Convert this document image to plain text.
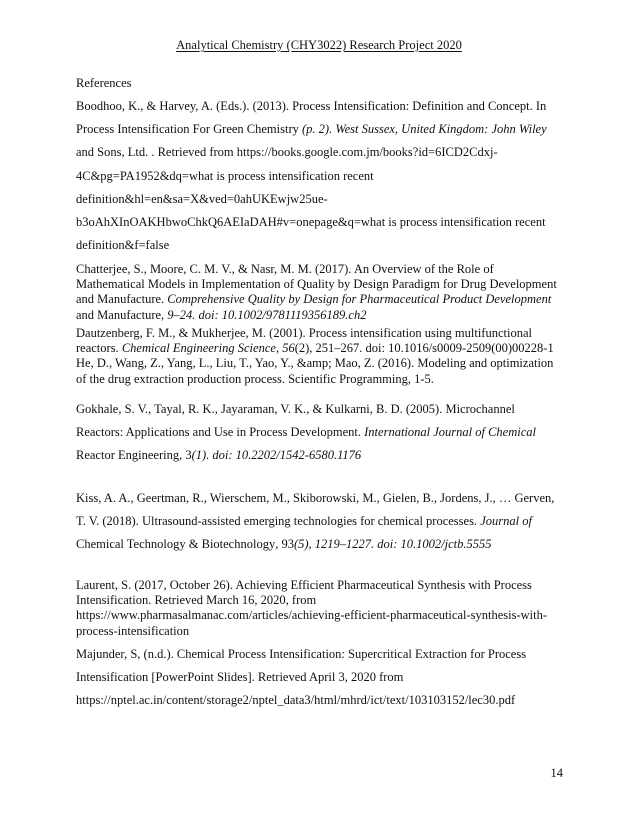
Analytical Chemistry (CHY3022) Research Project 2020
References
Boodhoo, K., & Harvey, A. (Eds.). (2013). Process Intensification: Definition and Concept. In
Process Intensification For Green Chemistry (p. 2). West Sussex, United Kingdom: John Wiley
and Sons, Ltd. . Retrieved from https://books.google.com.jm/books?id=6ICD2Cdxj-
4C&pg=PA1952&dq=what is process intensification recent
definition&hl=en&sa=X&ved=0ahUKEwjw25ue-
b3oAhXInOAKHbwoChkQ6AEIaDAH#v=onepage&q=what is process intensification recent
definition&f=false
Chatterjee, S., Moore, C. M. V., & Nasr, M. M. (2017). An Overview of the Role of
Mathematical Models in Implementation of Quality by Design Paradigm for Drug Development
and Manufacture. Comprehensive Quality by Design for Pharmaceutical Product Development
and Manufacture, 9–24. doi: 10.1002/9781119356189.ch2
Dautzenberg, F. M., & Mukherjee, M. (2001). Process intensification using multifunctional
reactors. Chemical Engineering Science, 56(2), 251–267. doi: 10.1016/s0009-2509(00)00228-1
He, D., Wang, Z., Yang, L., Liu, T., Yao, Y., &amp; Mao, Z. (2016). Modeling and optimization
of the drug extraction production process. Scientific Programming, 1-5.
Gokhale, S. V., Tayal, R. K., Jayaraman, V. K., & Kulkarni, B. D. (2005). Microchannel
Reactors: Applications and Use in Process Development. International Journal of Chemical
Reactor Engineering, 3(1). doi: 10.2202/1542-6580.1176
Kiss, A. A., Geertman, R., Wierschem, M., Skiborowski, M., Gielen, B., Jordens, J., … Gerven,
T. V. (2018). Ultrasound-assisted emerging technologies for chemical processes. Journal of
Chemical Technology & Biotechnology, 93(5), 1219–1227. doi: 10.1002/jctb.5555
Laurent, S. (2017, October 26). Achieving Efficient Pharmaceutical Synthesis with Process
Intensification. Retrieved March 16, 2020, from
https://www.pharmasalmanac.com/articles/achieving-efficient-pharmaceutical-synthesis-with-
process-intensification
Majunder, S, (n.d.). Chemical Process Intensification: Supercritical Extraction for Process
Intensification [PowerPoint Slides]. Retrieved April 3, 2020 from
https://nptel.ac.in/content/storage2/nptel_data3/html/mhrd/ict/text/103103152/lec30.pdf
14
